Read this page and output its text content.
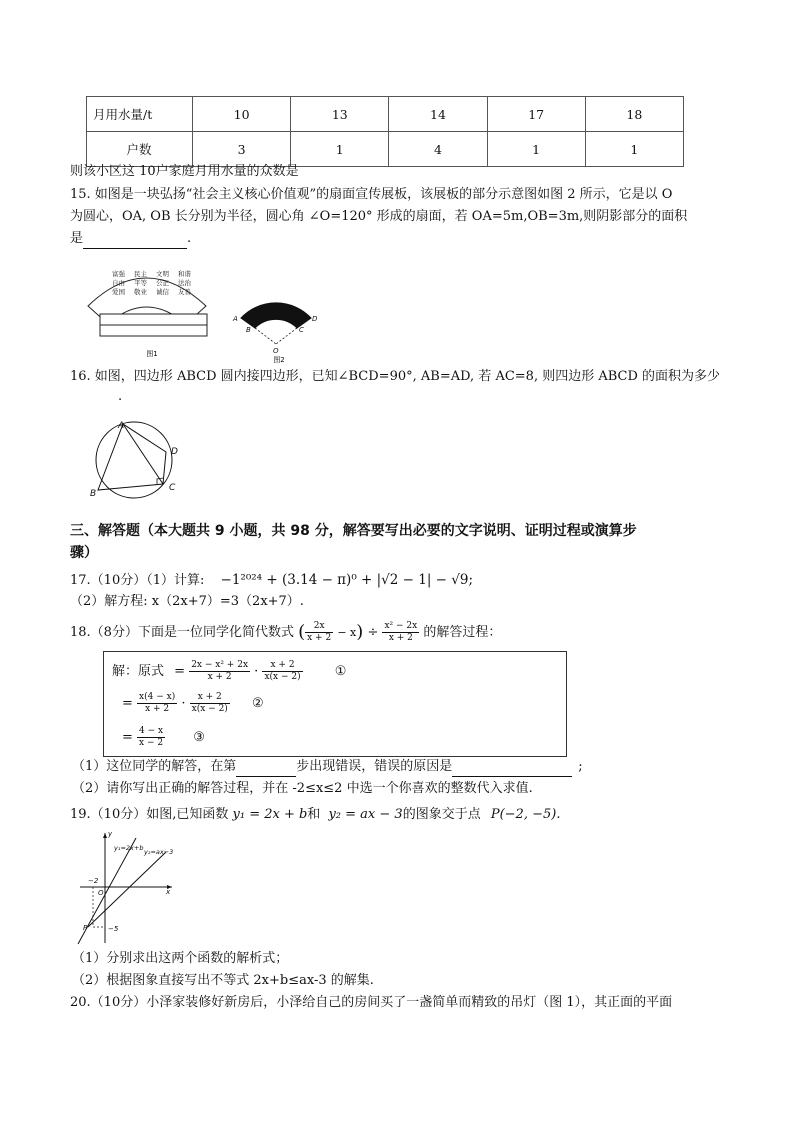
月用水量/t	10	13	14	17	18
户数	3	1	4	1	1
则该小区这 10户家庭月用水量的众数是
15. 如图是一块弘扬“社会主义核心价值观”的扇面宣传展板，该展板的部分示意图如图 2 所示，它是以 O
为圆心，OA, OB 长分别为半径，圆心角 ∠O=120° 形成的扇面，若 OA=5m,OB=3m,则阴影部分的面积
是	.
富强
自由
爱国
民主
平等
敬业
文明
公正
诚信
和谐
法治
友善
图1
A
B	C
D
O
图2
16. 如图，四边形 ABCD 圆内接四边形，已知∠BCD=90°, AB=AD, 若 AC=8, 则四边形 ABCD 的面积为多少
.
A
B
C
D
三、解答题（本大题共 9 小题，共 98 分，解答要写出必要的文字说明、证明过程或演算步
骤）
17.（10分）（1）计算: −1²⁰²⁴ + (3.14 − π)⁰ + |√2 − 1| − √9;
（2）解方程: x（2x+7）=3（2x+7）.
18.（8分）下面是一位同学化简代数式 ( $\frac{2x}{x + 2} - x) \div \frac{\text{x² − 2x}}{x + 2}$ 的解答过程：
解：原式 = $\frac{\text{2x − x² + 2x}}{x + 2} \cdot \frac{x + 2}{x(x - 2)}$ ①
= $\frac{x(4 - x)}{x + 2} \cdot \frac{x + 2}{x(x - 2)}$ ②
= $\frac{4 - x}{x - 2}$ ③
（1）这位同学的解答，在第	步出现错误，错误的原因是	;
（2）请你写出正确的解答过程，并在 -2≤x≤2 中选一个你喜欢的整数代入求值.
19.（10分）如图,已知函数 y₁ = 2x + b和 y₂ = ax − 3的图象交于点 P(−2, −5).
y
x
O
y₁=2x+b y₂=ax−3
−2
−5
P
（1）分别求出这两个函数的解析式；
（2）根据图象直接写出不等式 2x+b≤ax-3 的解集.
20.（10分）小泽家装修好新房后，小泽给自己的房间买了一盏简单而精致的吊灯（图 1），其正面的平面
